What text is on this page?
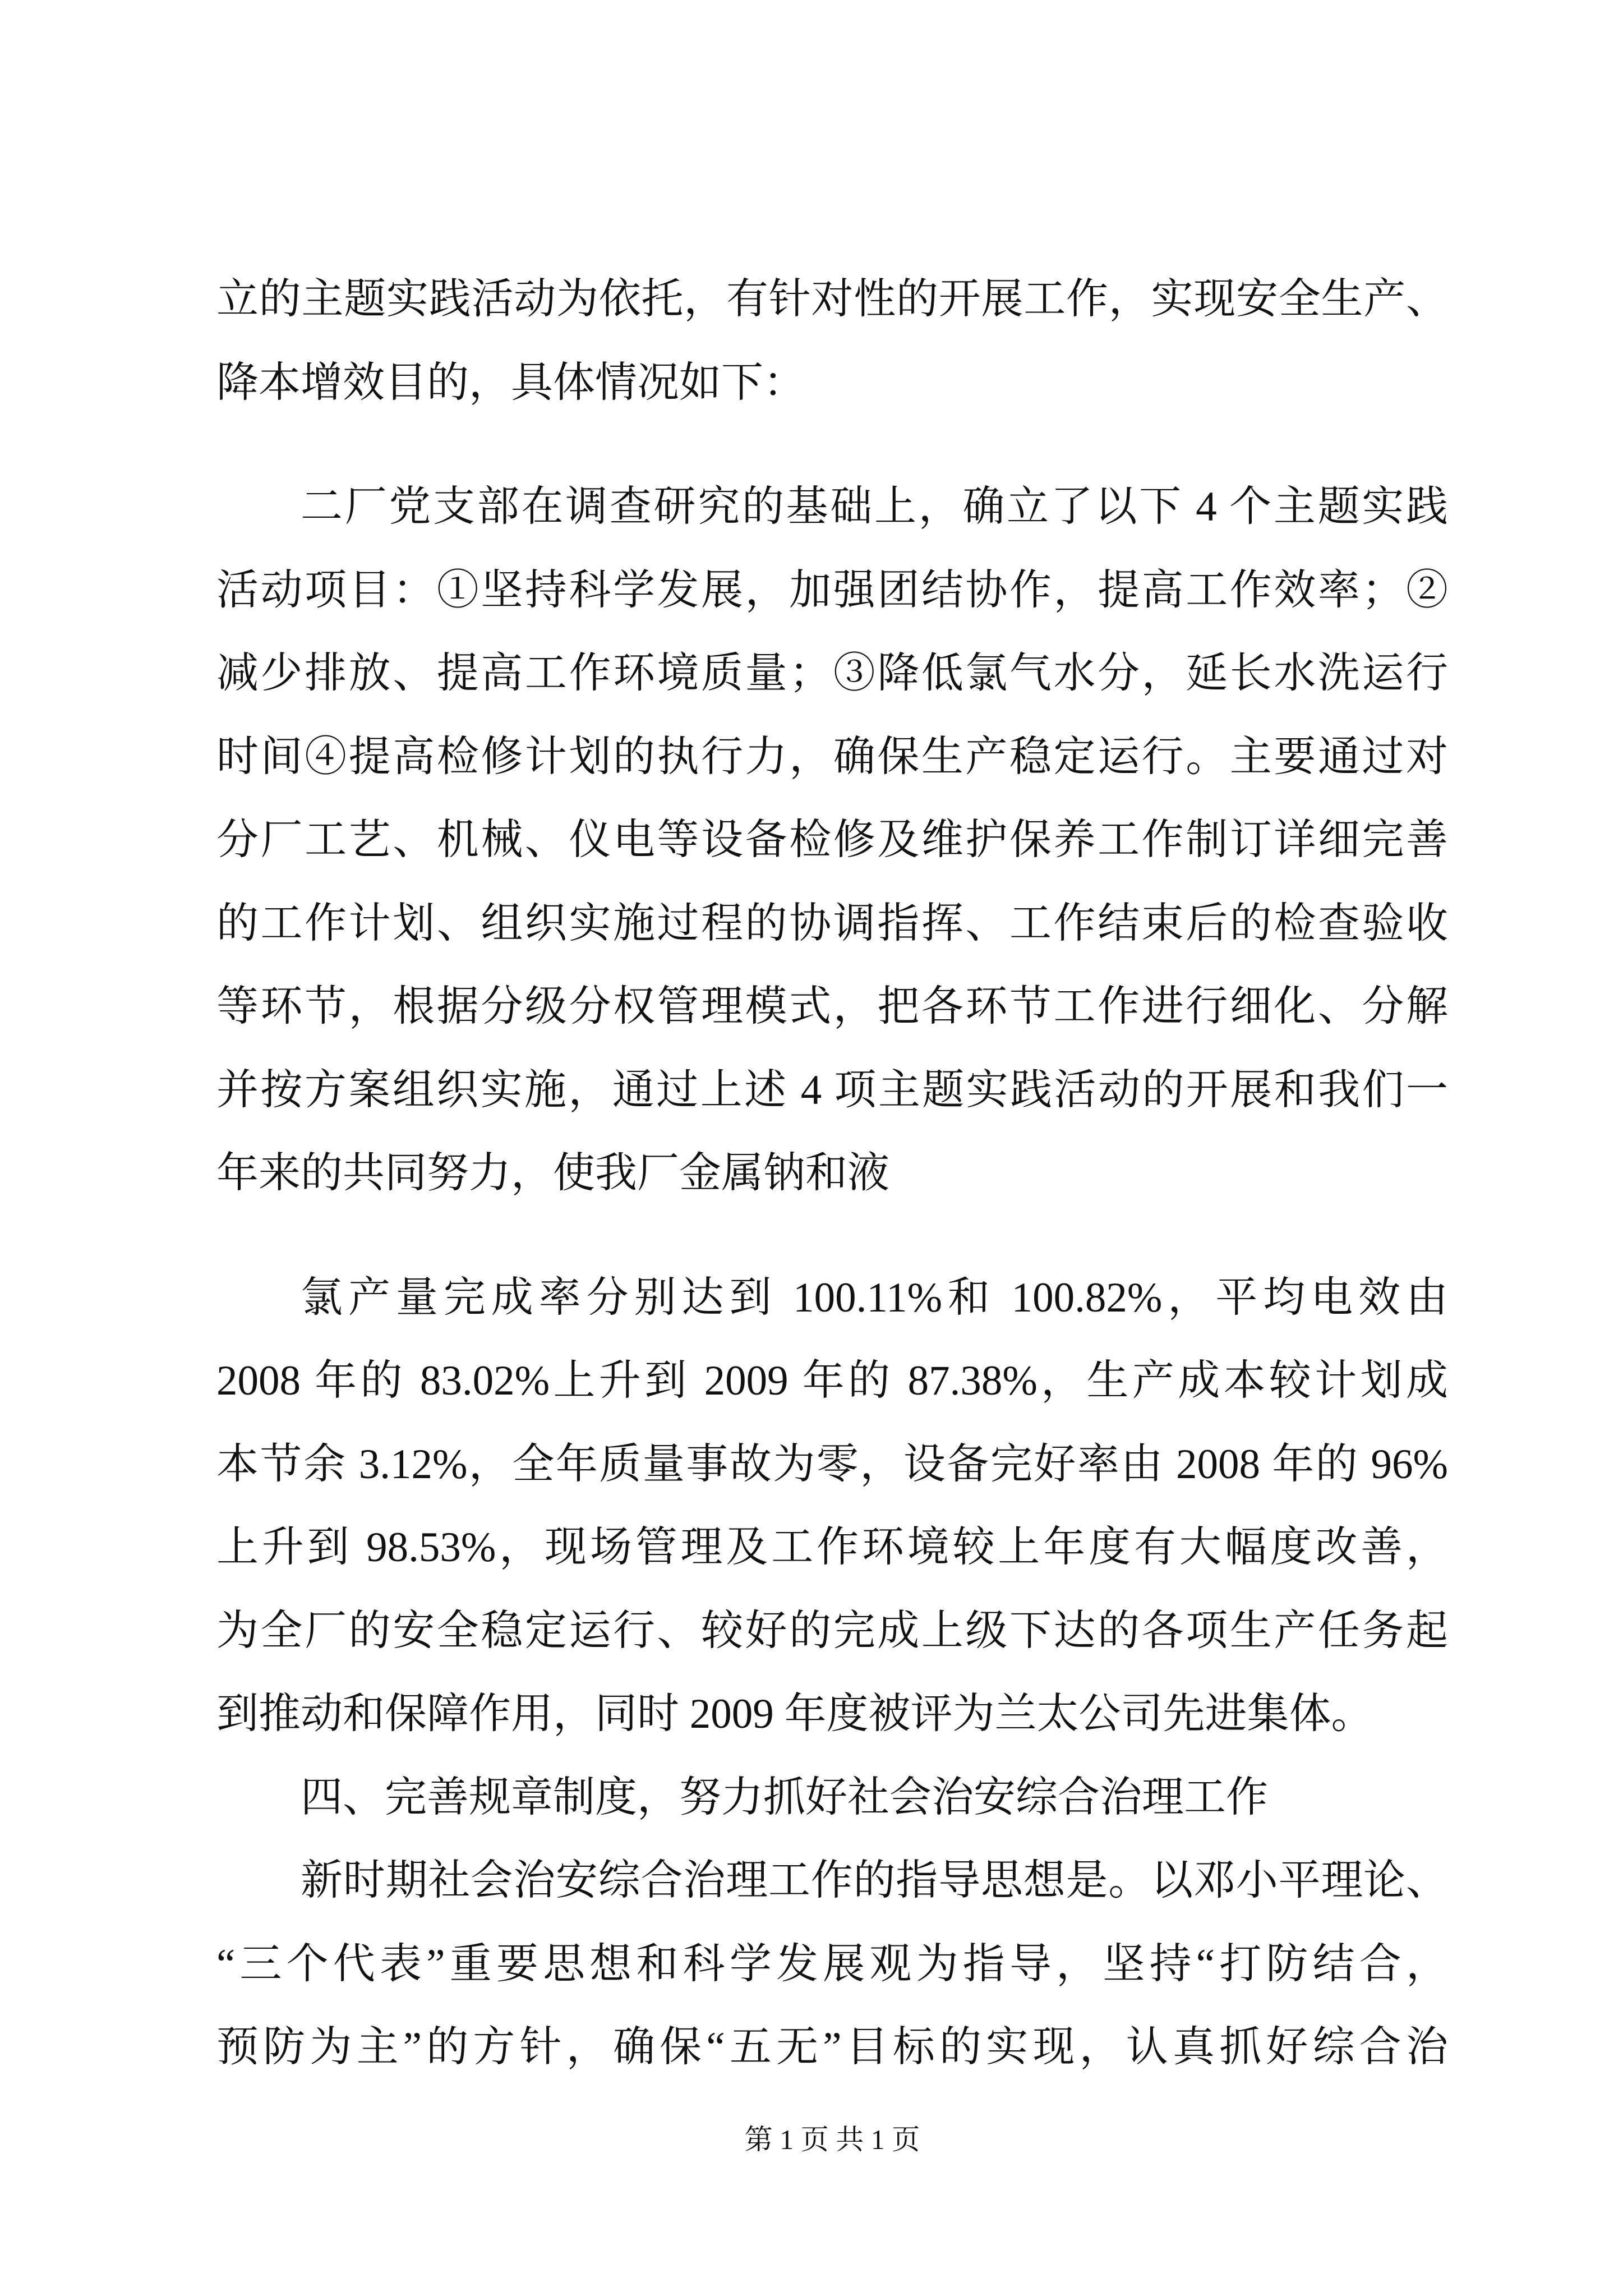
立的主题实践活动为依托，有针对性的开展工作，实现安全生产、
降本增效目的，具体情况如下：
二厂党支部在调查研究的基础上，确立了以下 4 个主题实践
活动项目：①坚持科学发展，加强团结协作，提高工作效率；②
减少排放、提高工作环境质量；③降低氯气水分，延长水洗运行
时间④提高检修计划的执行力，确保生产稳定运行。主要通过对
分厂工艺、机械、仪电等设备检修及维护保养工作制订详细完善
的工作计划、组织实施过程的协调指挥、工作结束后的检查验收
等环节，根据分级分权管理模式，把各环节工作进行细化、分解
并按方案组织实施，通过上述 4 项主题实践活动的开展和我们一
年来的共同努力，使我厂金属钠和液
氯产量完成率分别达到 100.11%和 100.82%，平均电效由
2008 年的 83.02%上升到 2009 年的 87.38%，生产成本较计划成
本节余 3.12%，全年质量事故为零，设备完好率由 2008 年的 96%
上升到 98.53%，现场管理及工作环境较上年度有大幅度改善，
为全厂的安全稳定运行、较好的完成上级下达的各项生产任务起
到推动和保障作用，同时 2009 年度被评为兰太公司先进集体。
四、完善规章制度，努力抓好社会治安综合治理工作
新时期社会治安综合治理工作的指导思想是。以邓小平理论、
“三个代表”重要思想和科学发展观为指导，坚持“打防结合，
预防为主”的方针，确保“五无”目标的实现，认真抓好综合治
第 1 页 共 1 页
